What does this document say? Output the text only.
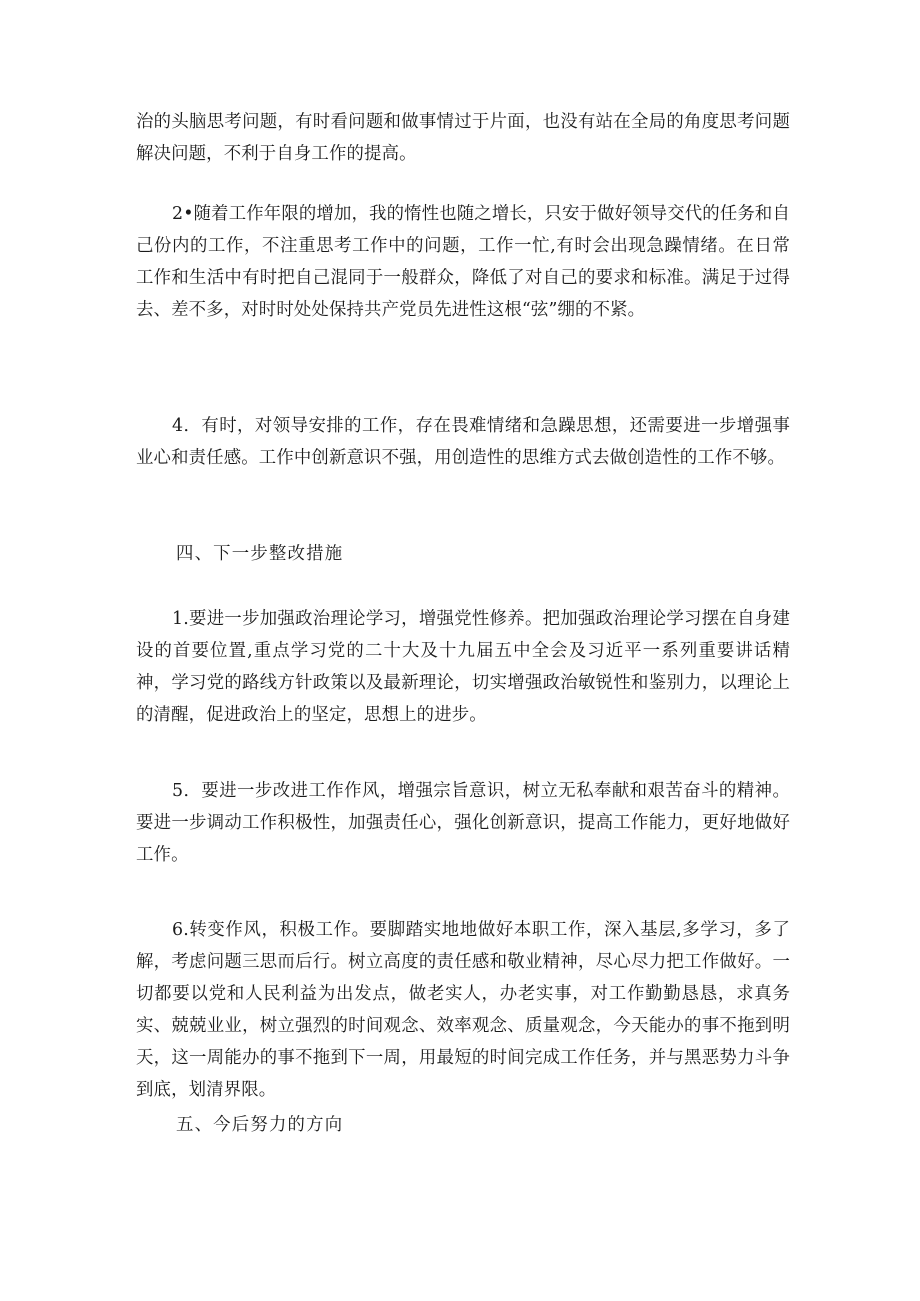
治的头脑思考问题，有时看问题和做事情过于片面，也没有站在全局的角度思考问题解决问题，不利于自身工作的提高。

2•随着工作年限的增加，我的惰性也随之增长，只安于做好领导交代的任务和自己份内的工作，不注重思考工作中的问题，工作一忙,有时会出现急躁情绪。在日常工作和生活中有时把自己混同于一般群众，降低了对自己的要求和标准。满足于过得去、差不多，对时时处处保持共产党员先进性这根“弦”绷的不紧。

4．有时，对领导安排的工作，存在畏难情绪和急躁思想，还需要进一步增强事业心和责任感。工作中创新意识不强，用创造性的思维方式去做创造性的工作不够。

四、下一步整改措施

1.要进一步加强政治理论学习，增强党性修养。把加强政治理论学习摆在自身建设的首要位置,重点学习党的二十大及十九届五中全会及习近平一系列重要讲话精神，学习党的路线方针政策以及最新理论，切实增强政治敏锐性和鉴别力，以理论上的清醒，促进政治上的坚定，思想上的进步。

5．要进一步改进工作作风，增强宗旨意识，树立无私奉献和艰苦奋斗的精神。要进一步调动工作积极性，加强责任心，强化创新意识，提高工作能力，更好地做好工作。

6.转变作风，积极工作。要脚踏实地地做好本职工作，深入基层,多学习，多了解，考虑问题三思而后行。树立高度的责任感和敬业精神，尽心尽力把工作做好。一切都要以党和人民利益为出发点，做老实人，办老实事，对工作勤勤恳恳，求真务实、兢兢业业，树立强烈的时间观念、效率观念、质量观念，今天能办的事不拖到明天，这一周能办的事不拖到下一周，用最短的时间完成工作任务，并与黑恶势力斗争到底，划清界限。

五、今后努力的方向
